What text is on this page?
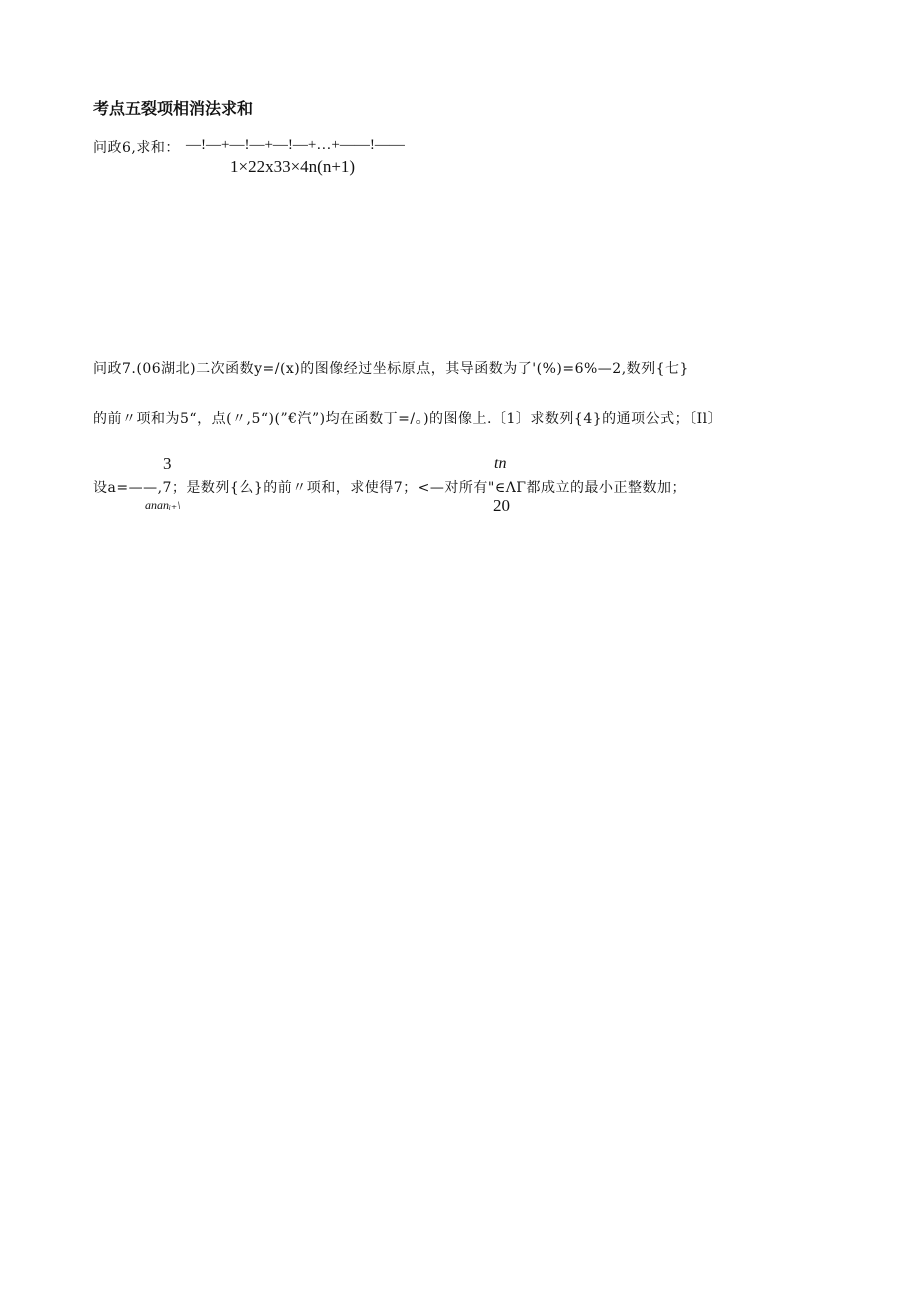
考点五裂项相消法求和
问政6,求和： —!—+—!—+—!—+…+——!——
1×22x33×4n(n+1)
问政7.(06湖北)二次函数y=/(x)的图像经过坐标原点，其导函数为了'(%)=6%—2,数列{七}
的前〃项和为5“，点(〃,5“)(”€汽”)均在函数丁=/。)的图像上.〔1〕求数列{4}的通项公式；〔Il〕
3
设a=——,7；是数列{么}的前〃项和，求使得7；<—对所有"∈ΛΓ都成立的最小正整数加；
ananᵢ₊\
tn
20
